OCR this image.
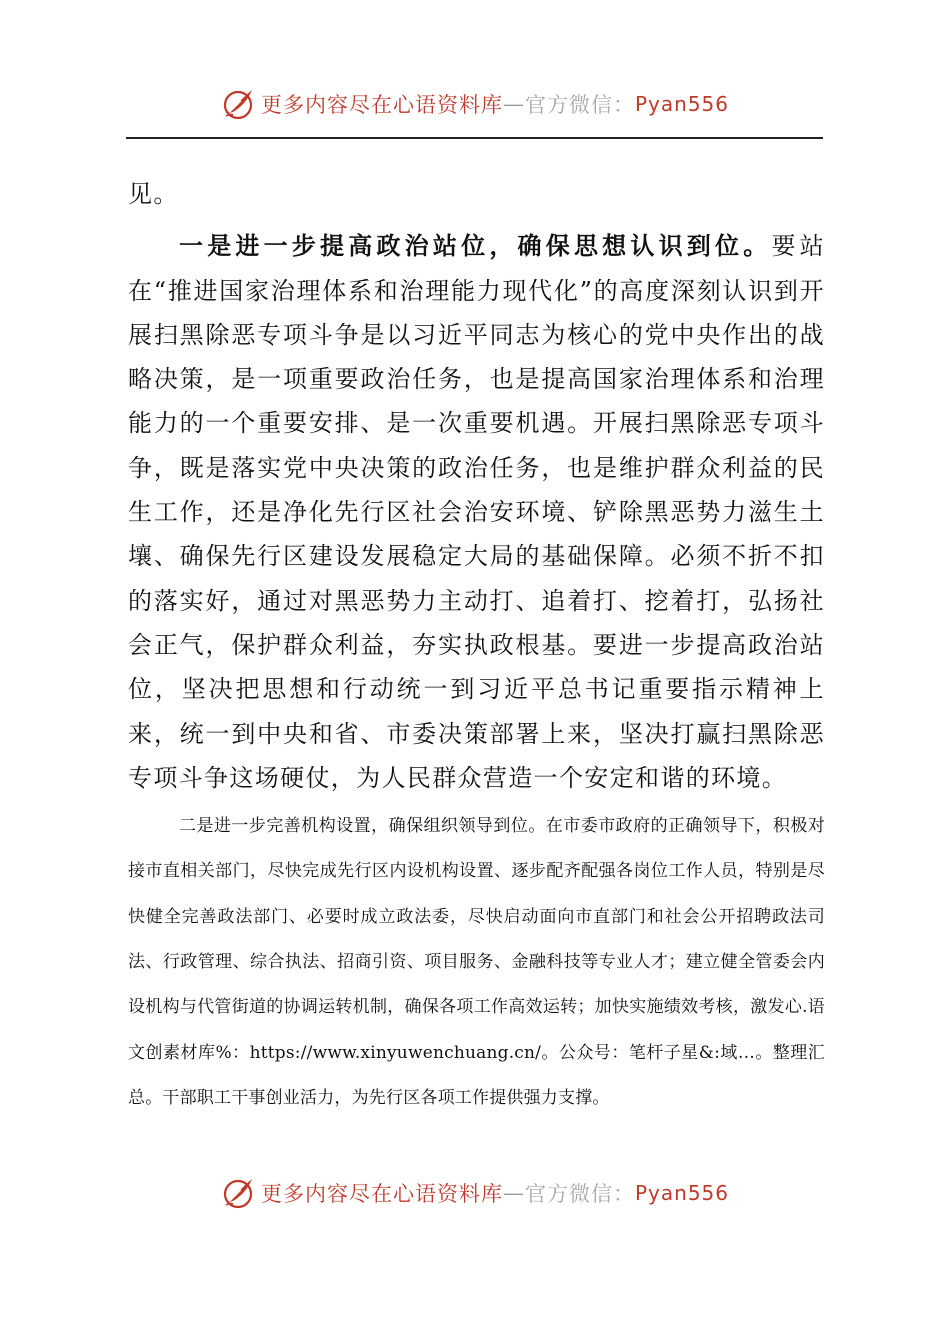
更多内容尽在心语资料库 — 官方微信： Pyan556

见。

一是进一步提高政治站位，确保思想认识到位。要站在“推进国家治理体系和治理能力现代化”的高度深刻认识到开展扫黑除恶专项斗争是以习近平同志为核心的党中央作出的战略决策，是一项重要政治任务，也是提高国家治理体系和治理能力的一个重要安排、是一次重要机遇。开展扫黑除恶专项斗争，既是落实党中央决策的政治任务，也是维护群众利益的民生工作，还是净化先行区社会治安环境、铲除黑恶势力滋生土壤、确保先行区建设发展稳定大局的基础保障。必须不折不扣的落实好，通过对黑恶势力主动打、追着打、挖着打，弘扬社会正气，保护群众利益，夯实执政根基。要进一步提高政治站位，坚决把思想和行动统一到习近平总书记重要指示精神上来，统一到中央和省、市委决策部署上来，坚决打赢扫黑除恶专项斗争这场硬仗，为人民群众营造一个安定和谐的环境。

二是进一步完善机构设置，确保组织领导到位。在市委市政府的正确领导下，积极对接市直相关部门，尽快完成先行区内设机构设置、逐步配齐配强各岗位工作人员，特别是尽快健全完善政法部门、必要时成立政法委，尽快启动面向市直部门和社会公开招聘政法司法、行政管理、综合执法、招商引资、项目服务、金融科技等专业人才；建立健全管委会内设机构与代管街道的协调运转机制，确保各项工作高效运转；加快实施绩效考核，激发心.语文创素材库%：https://www.xinyuwenchuang.cn/。公众号：笔杆子星&:域…。整理汇总。干部职工干事创业活力，为先行区各项工作提供强力支撑。

更多内容尽在心语资料库 — 官方微信： Pyan556
